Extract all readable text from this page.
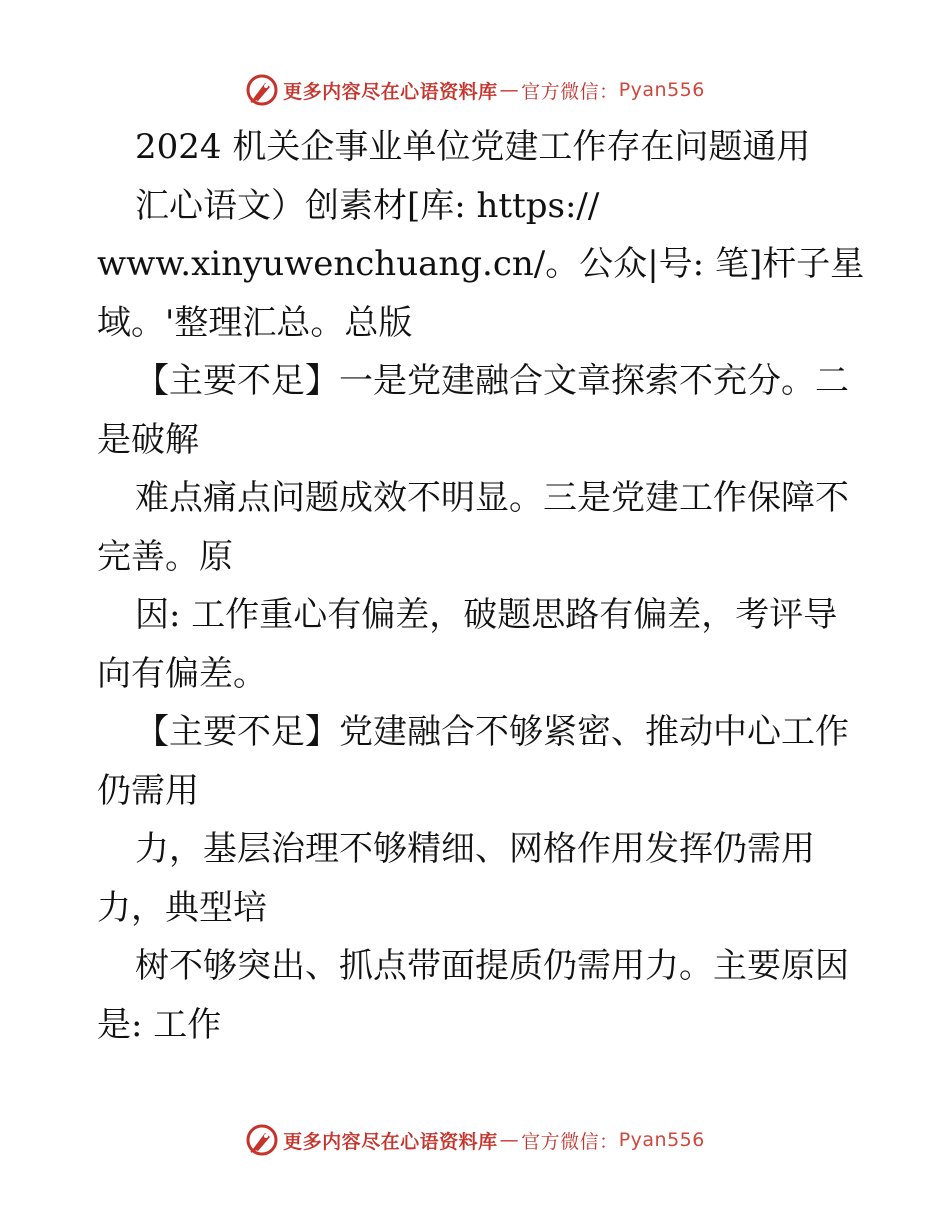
更多内容尽在心语资料库 — 官方微信： Pyan556
2024 机关企事业单位党建工作存在问题通用
汇心语文）创素材[库: https://
www.xinyuwenchuang.cn/。公众|号: 笔]杆子星
域。'整理汇总。总版
【主要不足】一是党建融合文章探索不充分。二
是破解
难点痛点问题成效不明显。三是党建工作保障不
完善。原
因: 工作重心有偏差，破题思路有偏差，考评导
向有偏差。
【主要不足】党建融合不够紧密、推动中心工作
仍需用
力，基层治理不够精细、网格作用发挥仍需用
力，典型培
树不够突出、抓点带面提质仍需用力。主要原因
是: 工作
更多内容尽在心语资料库 — 官方微信： Pyan556
